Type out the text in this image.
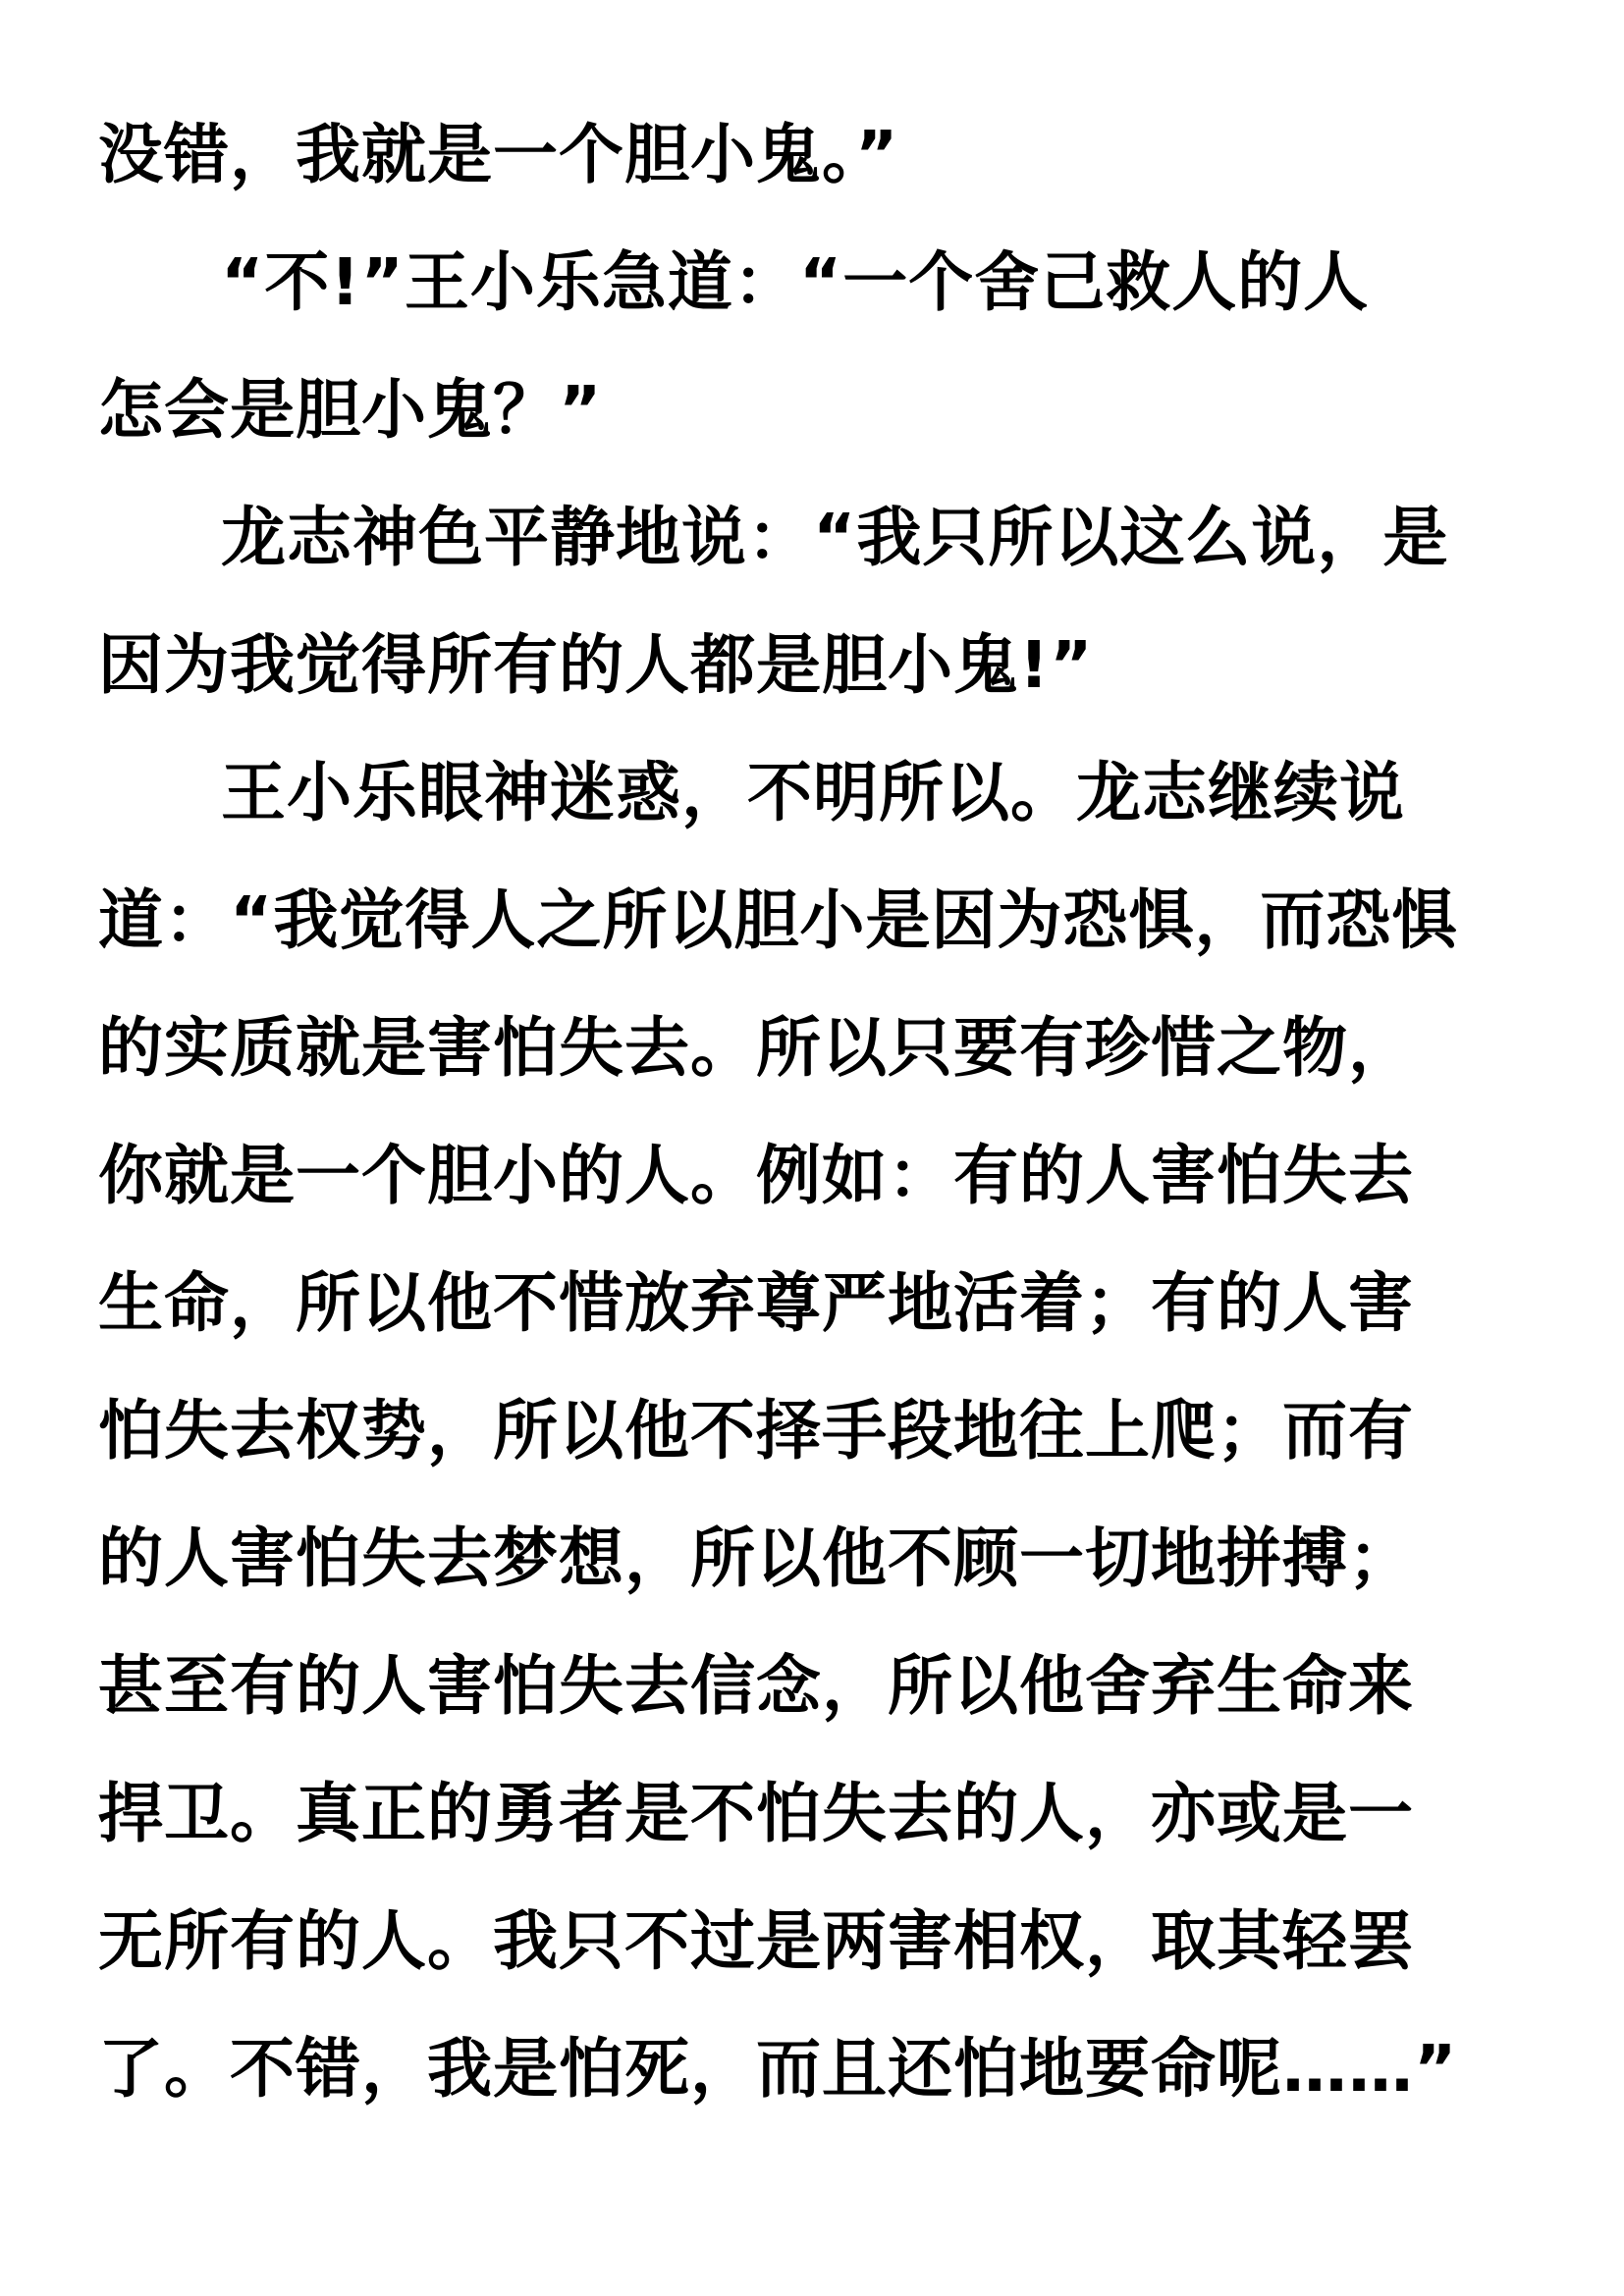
没错，我就是一个胆小鬼。”
“不!”王小乐急道：“一个舍己救人的人
怎会是胆小鬼？”
龙志神色平静地说：“我只所以这么说，是
因为我觉得所有的人都是胆小鬼!”
王小乐眼神迷惑，不明所以。龙志继续说
道：“我觉得人之所以胆小是因为恐惧，而恐惧
的实质就是害怕失去。所以只要有珍惜之物，
你就是一个胆小的人。例如：有的人害怕失去
生命，所以他不惜放弃尊严地活着；有的人害
怕失去权势，所以他不择手段地往上爬；而有
的人害怕失去梦想，所以他不顾一切地拼搏；
甚至有的人害怕失去信念，所以他舍弃生命来
捍卫。真正的勇者是不怕失去的人，亦或是一
无所有的人。我只不过是两害相权，取其轻罢
了。不错，我是怕死，而且还怕地要命呢……”
